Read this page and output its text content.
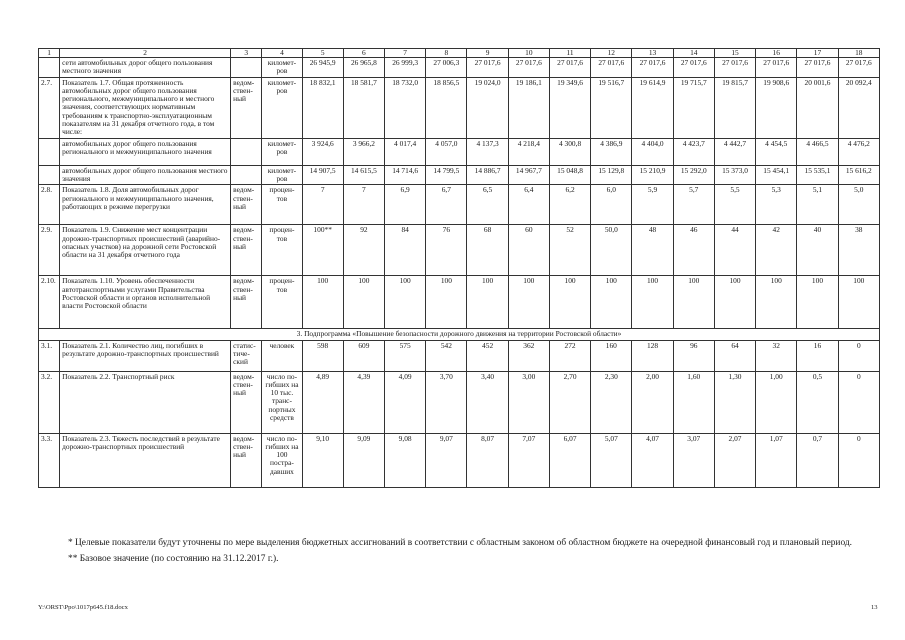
1	2	3	4	5	6	7	8	9	10	11	12	13	14	15	16	17	18
	сети автомобильных дорог общего пользования местного значения		километ-ров	26 945,9	26 965,8	26 999,3	27 006,3	27 017,6	27 017,6	27 017,6	27 017,6	27 017,6	27 017,6	27 017,6	27 017,6	27 017,6	27 017,6
2.7.	Показатель 1.7. Общая протяженность автомобильных дорог общего пользования регионального, межмуниципального и местного значения, соответствующих нормативным требованиям к транспортно-эксплуатационным показателям на 31 декабря отчетного года, в том числе:	ведом-ствен-ный	километ-ров	18 832,1	18 581,7	18 732,0	18 856,5	19 024,0	19 186,1	19 349,6	19 516,7	19 614,9	19 715,7	19 815,7	19 908,6	20 001,6	20 092,4
	автомобильных дорог общего пользования регионального и межмуниципального значения		километ-ров	3 924,6	3 966,2	4 017,4	4 057,0	4 137,3	4 218,4	4 300,8	4 386,9	4 404,0	4 423,7	4 442,7	4 454,5	4 466,5	4 476,2
	автомобильных дорог общего пользования местного значения		километ-ров	14 907,5	14 615,5	14 714,6	14 799,5	14 886,7	14 967,7	15 048,8	15 129,8	15 210,9	15 292,0	15 373,0	15 454,1	15 535,1	15 616,2
2.8.	Показатель 1.8. Доля автомобильных дорог регионального и межмуниципального значения, работающих в режиме перегрузки	ведом-ствен-ный	процен-тов	7	7	6,9	6,7	6,5	6,4	6,2	6,0	5,9	5,7	5,5	5,3	5,1	5,0
2.9.	Показатель 1.9. Снижение мест концентрации дорожно-транспортных происшествий (аварийно-опасных участков) на дорожной сети Ростовской области на 31 декабря отчетного года	ведом-ствен-ный	процен-тов	100**	92	84	76	68	60	52	50,0	48	46	44	42	40	38
2.10.	Показатель 1.10. Уровень обеспеченности автотранспортными услугами Правительства Ростовской области и органов исполнительной власти Ростовской области	ведом-ствен-ный	процен-тов	100	100	100	100	100	100	100	100	100	100	100	100	100	100
3. Подпрограмма «Повышение безопасности дорожного движения на территории Ростовской области»																	
3.1.	Показатель 2.1. Количество лиц, погибших в результате дорожно-транспортных происшествий	статис-тиче-ский	человек	598	609	575	542	452	362	272	160	128	96	64	32	16	0
3.2.	Показатель 2.2. Транспортный риск	ведом-ствен-ный	число по-гибших на 10 тыс. транс-портных средств	4,89	4,39	4,09	3,70	3,40	3,00	2,70	2,30	2,00	1,60	1,30	1,00	0,5	0
3.3.	Показатель 2.3. Тяжесть последствий в результате дорожно-транспортных происшествий	ведом-ствен-ный	число по-гибших на 100 постра-давших	9,10	9,09	9,08	9,07	8,07	7,07	6,07	5,07	4,07	3,07	2,07	1,07	0,7	0

* Целевые показатели будут уточнены по мере выделения бюджетных ассигнований в соответствии с областным законом об областном бюджете на очередной финансовый год и плановый период.

** Базовое значение (по состоянию на 31.12.2017 г.).

Y:\ORST\Ppo\1017p645.f18.docx	13
